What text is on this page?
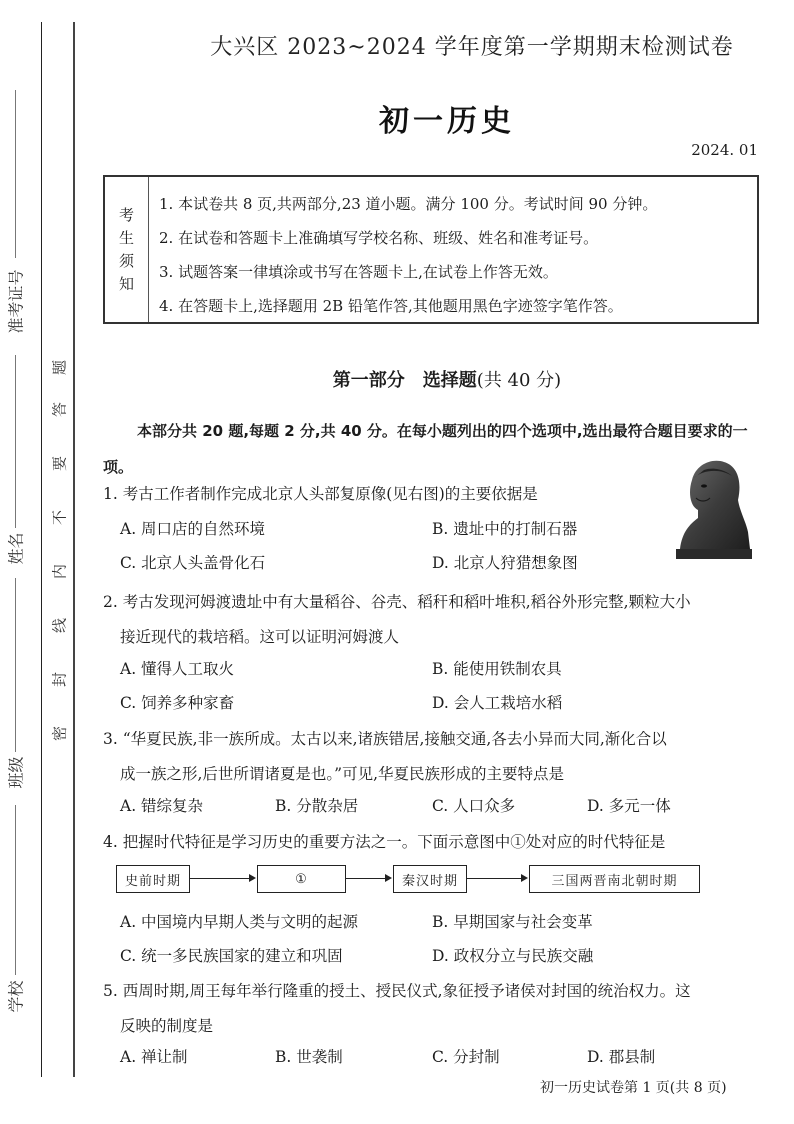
准考证号
姓名
班级
学校
密
封
线
内
不
要
答
题
大兴区 2023~2024 学年度第一学期期末检测试卷
初一历史
2024. 01
考
生
须
知
1. 本试卷共 8 页,共两部分,23 道小题。满分 100 分。考试时间 90 分钟。
2. 在试卷和答题卡上准确填写学校名称、班级、姓名和准考证号。
3. 试题答案一律填涂或书写在答题卡上,在试卷上作答无效。
4. 在答题卡上,选择题用 2B 铅笔作答,其他题用黑色字迹签字笔作答。
第一部分　选择题(共 40 分)
本部分共 20 题,每题 2 分,共 40 分。在每小题列出的四个选项中,选出最符合题目要求的一项。
1. 考古工作者制作完成北京人头部复原像(见右图)的主要依据是
A. 周口店的自然环境	B. 遗址中的打制石器
C. 北京人头盖骨化石	D. 北京人狩猎想象图
2. 考古发现河姆渡遗址中有大量稻谷、谷壳、稻秆和稻叶堆积,稻谷外形完整,颗粒大小
接近现代的栽培稻。这可以证明河姆渡人
A. 懂得人工取火	B. 能使用铁制农具
C. 饲养多种家畜	D. 会人工栽培水稻
3. “华夏民族,非一族所成。太古以来,诸族错居,接触交通,各去小异而大同,渐化合以
成一族之形,后世所谓诸夏是也。”可见,华夏民族形成的主要特点是
A. 错综复杂	B. 分散杂居	C. 人口众多	D. 多元一体
4. 把握时代特征是学习历史的重要方法之一。下面示意图中①处对应的时代特征是
史前时期	①	秦汉时期	三国两晋南北朝时期
A. 中国境内早期人类与文明的起源	B. 早期国家与社会变革
C. 统一多民族国家的建立和巩固	D. 政权分立与民族交融
5. 西周时期,周王每年举行隆重的授土、授民仪式,象征授予诸侯对封国的统治权力。这
反映的制度是
A. 禅让制	B. 世袭制	C. 分封制	D. 郡县制
初一历史试卷第 1 页(共 8 页)
